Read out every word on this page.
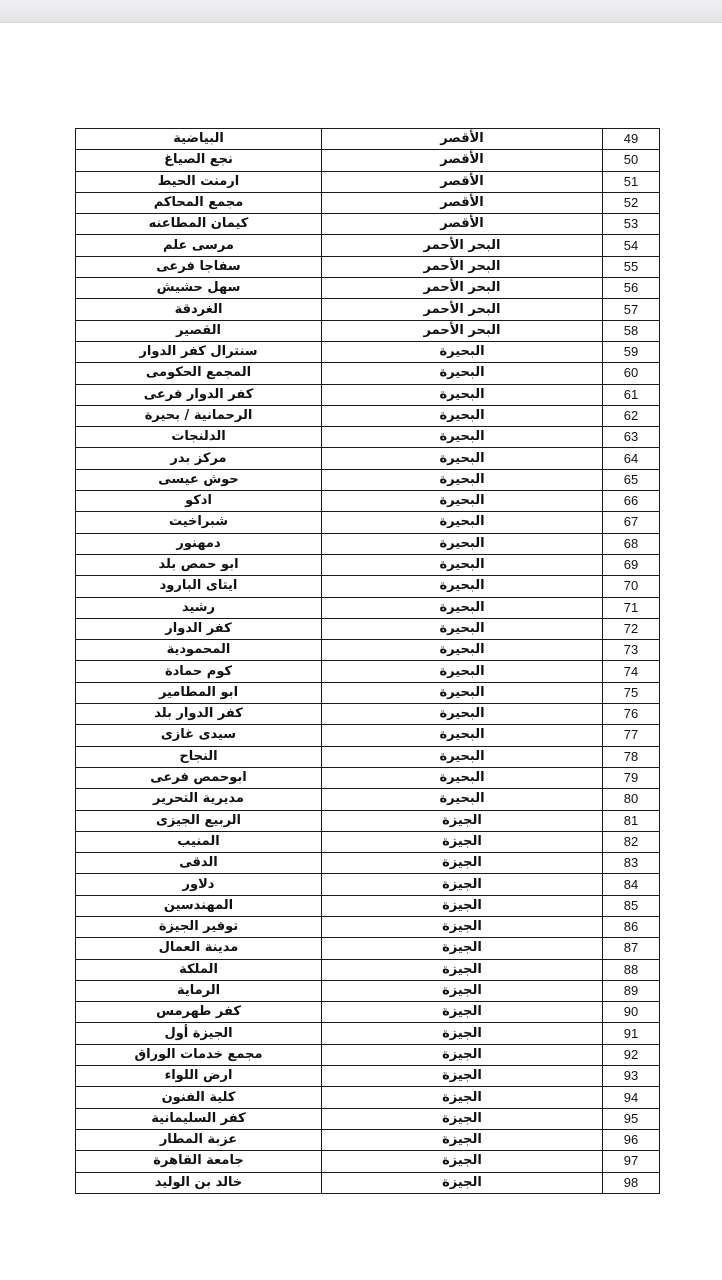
البياضية	الأقصر	49
نجع الصياغ	الأقصر	50
ارمنت الحيط	الأقصر	51
مجمع المحاكم	الأقصر	52
كيمان المطاعنه	الأقصر	53
مرسى علم	البحر الأحمر	54
سفاجا فرعى	البحر الأحمر	55
سهل حشيش	البحر الأحمر	56
الغردقة	البحر الأحمر	57
القصير	البحر الأحمر	58
سنترال كفر الدوار	البحيرة	59
المجمع الحكومى	البحيرة	60
كفر الدوار فرعى	البحيرة	61
الرحمانية / بحيرة	البحيرة	62
الدلنجات	البحيرة	63
مركز بدر	البحيرة	64
حوش عيسى	البحيرة	65
ادكو	البحيرة	66
شبراخيت	البحيرة	67
دمهنور	البحيرة	68
ابو حمص بلد	البحيرة	69
ايتاى البارود	البحيرة	70
رشيد	البحيرة	71
كفر الدوار	البحيرة	72
المحمودية	البحيرة	73
كوم حمادة	البحيرة	74
ابو المطامير	البحيرة	75
كفر الدوار بلد	البحيرة	76
سيدى غازى	البحيرة	77
النجاح	البحيرة	78
ابوحمص فرعى	البحيرة	79
مديرية التحرير	البحيرة	80
الربيع الجيزى	الجيزة	81
المنيب	الجيزة	82
الدقى	الجيزة	83
دلاور	الجيزة	84
المهندسين	الجيزة	85
توفير الجيزة	الجيزة	86
مدينة العمال	الجيزة	87
الملكة	الجيزة	88
الرماية	الجيزة	89
كفر طهرمس	الجيزة	90
الجيزة أول	الجيزة	91
مجمع خدمات الوراق	الجيزة	92
ارض اللواء	الجيزة	93
كلية الفنون	الجيزة	94
كفر السليمانية	الجيزة	95
عزبة المطار	الجيزة	96
جامعة القاهرة	الجيزة	97
خالد بن الوليد	الجيزة	98
